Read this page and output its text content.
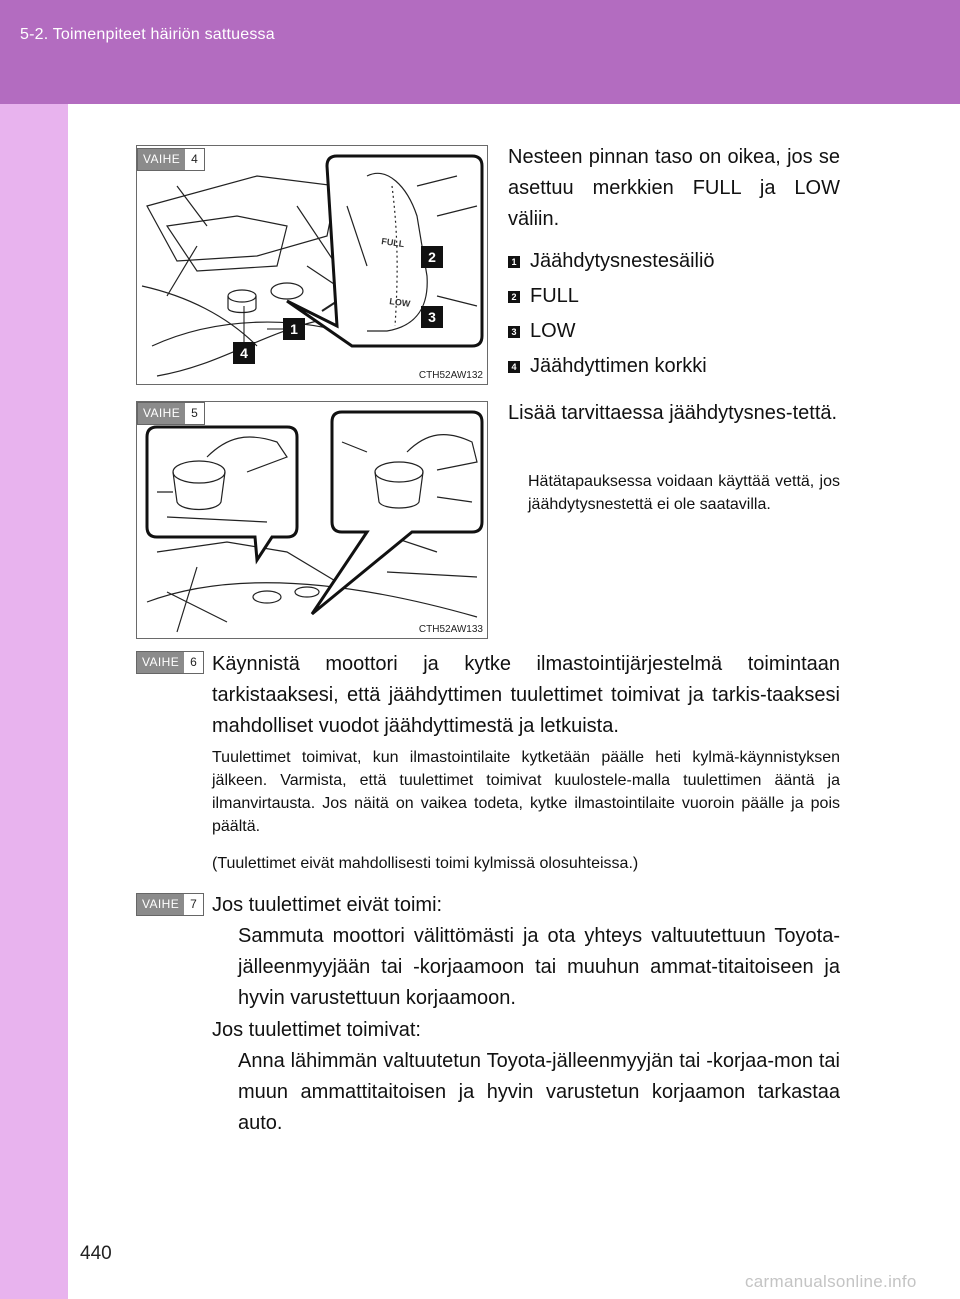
5-2. Toimenpiteet häiriön sattuessa
FULL
LOW
VAIHE 4
1
2
3
4
CTH52AW132
Nesteen pinnan taso on oikea, jos se asettuu merkkien FULL ja LOW väliin.
1 Jäähdytysnestesäiliö
2 FULL
3 LOW
4 Jäähdyttimen korkki
VAIHE 5
CTH52AW133
Lisää tarvittaessa jäähdytysnes-tettä.
Hätätapauksessa voidaan käyttää vettä, jos jäähdytysnestettä ei ole saatavilla.
VAIHE 6 Käynnistä moottori ja kytke ilmastointijärjestelmä toimintaan tarkistaaksesi, että jäähdyttimen tuulettimet toimivat ja tarkis-taaksesi mahdolliset vuodot jäähdyttimestä ja letkuista.
Tuulettimet toimivat, kun ilmastointilaite kytketään päälle heti kylmä-käynnistyksen jälkeen. Varmista, että tuulettimet toimivat kuulostele-malla tuulettimen ääntä ja ilmanvirtausta. Jos näitä on vaikea todeta, kytke ilmastointilaite vuoroin päälle ja pois päältä.
(Tuulettimet eivät mahdollisesti toimi kylmissä olosuhteissa.)
VAIHE 7 Jos tuulettimet eivät toimi:
Sammuta moottori välittömästi ja ota yhteys valtuutettuun Toyota-jälleenmyyjään tai -korjaamoon tai muuhun ammat-titaitoiseen ja hyvin varustettuun korjaamoon.
Jos tuulettimet toimivat:
Anna lähimmän valtuutetun Toyota-jälleenmyyjän tai -korjaa-mon tai muun ammattitaitoisen ja hyvin varustetun korjaamon tarkastaa auto.
440
carmanualsonline.info
